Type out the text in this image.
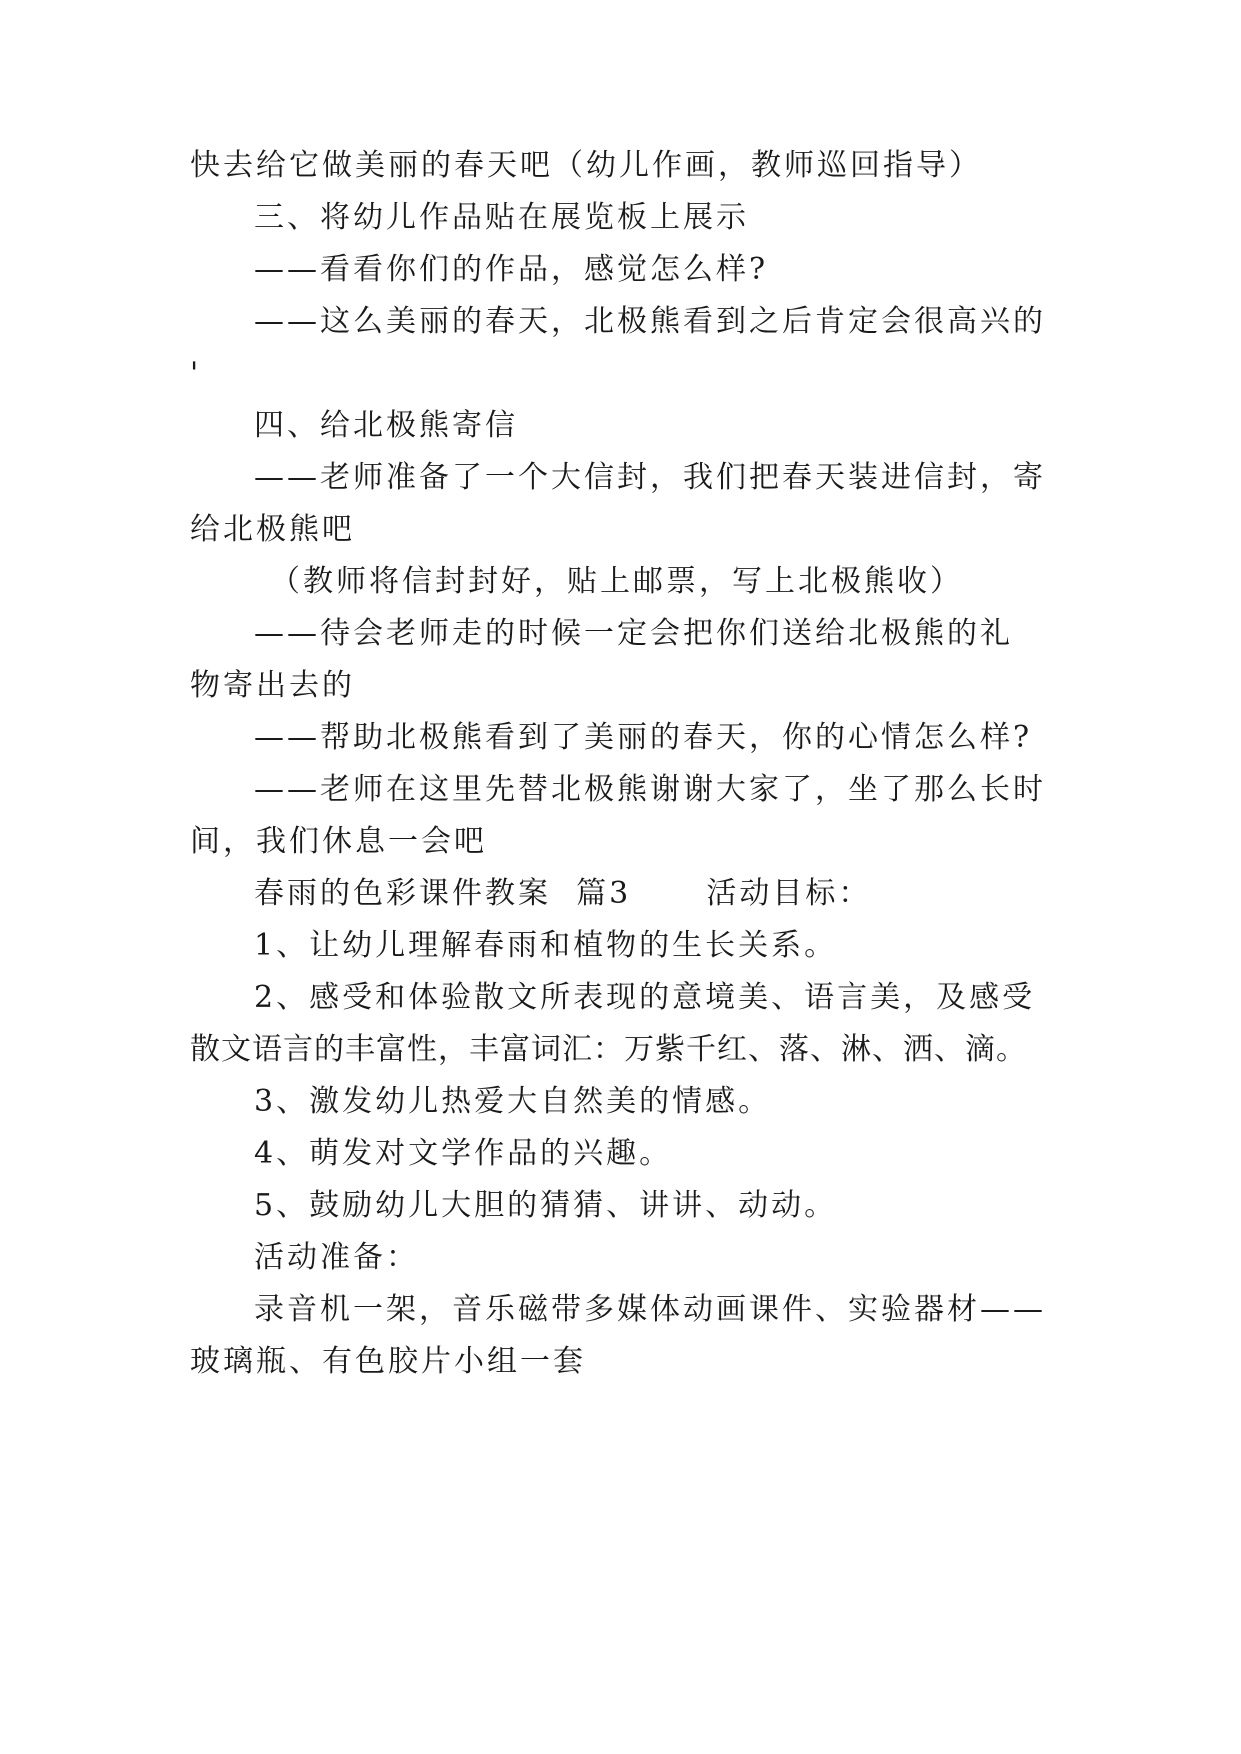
快去给它做美丽的春天吧（幼儿作画，教师巡回指导）
三、将幼儿作品贴在展览板上展示
——看看你们的作品，感觉怎么样?
——这么美丽的春天，北极熊看到之后肯定会很高兴的
'
四、给北极熊寄信
——老师准备了一个大信封，我们把春天装进信封，寄
给北极熊吧
（教师将信封封好，贴上邮票，写上北极熊收）
——待会老师走的时候一定会把你们送给北极熊的礼
物寄出去的
——帮助北极熊看到了美丽的春天，你的心情怎么样?
——老师在这里先替北极熊谢谢大家了，坐了那么长时
间，我们休息一会吧
春雨的色彩课件教案  篇3      活动目标：
1、让幼儿理解春雨和植物的生长关系。
2、感受和体验散文所表现的意境美、语言美，及感受
散文语言的丰富性，丰富词汇：万紫千红、落、淋、洒、滴。
3、激发幼儿热爱大自然美的情感。
4、萌发对文学作品的兴趣。
5、鼓励幼儿大胆的猜猜、讲讲、动动。
活动准备：
录音机一架，音乐磁带多媒体动画课件、实验器材——
玻璃瓶、有色胶片小组一套
